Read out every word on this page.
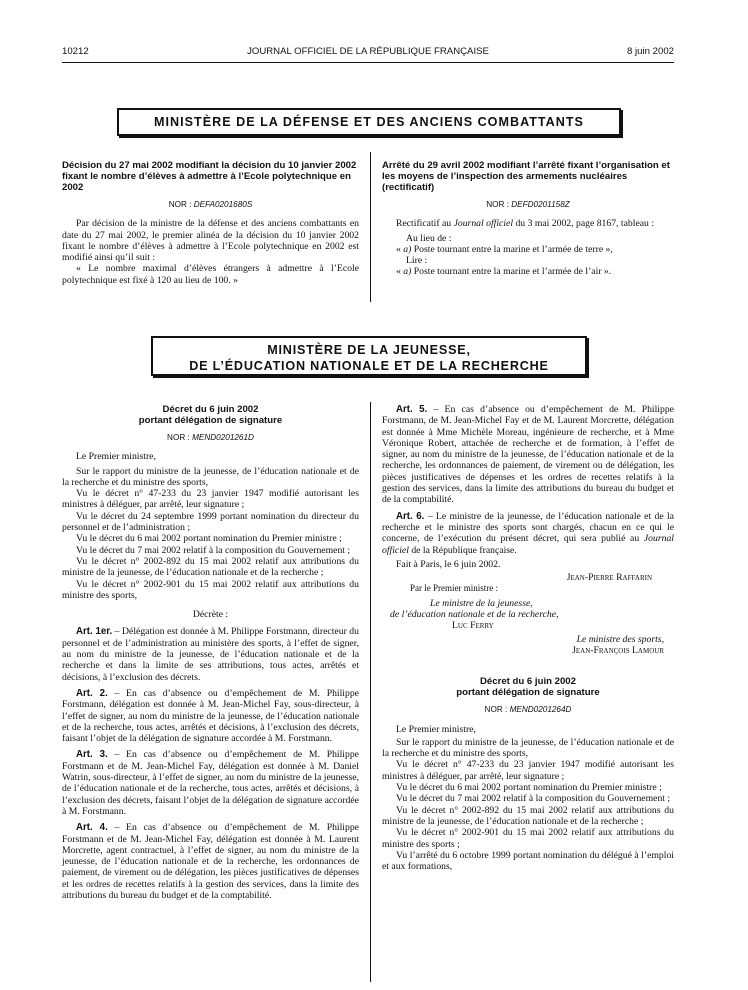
10212	JOURNAL OFFICIEL DE LA RÉPUBLIQUE FRANÇAISE	8 juin 2002
MINISTÈRE DE LA DÉFENSE ET DES ANCIENS COMBATTANTS
Décision du 27 mai 2002 modifiant la décision du 10 janvier 2002 fixant le nombre d’élèves à admettre à l’Ecole polytechnique en 2002
NOR : DEFA0201680S

Par décision de la ministre de la défense et des anciens combattants en date du 27 mai 2002, le premier alinéa de la décision du 10 janvier 2002 fixant le nombre d’élèves à admettre à l’Ecole polytechnique en 2002 est modifié ainsi qu’il suit :

« Le nombre maximal d’élèves étrangers à admettre à l’Ecole polytechnique est fixé à 120 au lieu de 100. »

Arrêté du 29 avril 2002 modifiant l’arrêté fixant l’organisation et les moyens de l’inspection des armements nucléaires (rectificatif)
NOR : DEFD0201158Z

Rectificatif au Journal officiel du 3 mai 2002, page 8167, tableau :

Au lieu de :

« a) Poste tournant entre la marine et l’armée de terre »,

Lire :

« a) Poste tournant entre la marine et l’armée de l’air ».

MINISTÈRE DE LA JEUNESSE,
DE L’ÉDUCATION NATIONALE ET DE LA RECHERCHE
Décret du 6 juin 2002
portant délégation de signature
NOR : MEND0201261D

Le Premier ministre,

Sur le rapport du ministre de la jeunesse, de l’éducation nationale et de la recherche et du ministre des sports,

Vu le décret n° 47-233 du 23 janvier 1947 modifié autorisant les ministres à déléguer, par arrêté, leur signature ;

Vu le décret du 24 septembre 1999 portant nomination du directeur du personnel et de l’administration ;

Vu le décret du 6 mai 2002 portant nomination du Premier ministre ;

Vu le décret du 7 mai 2002 relatif à la composition du Gouvernement ;

Vu le décret n° 2002-892 du 15 mai 2002 relatif aux attributions du ministre de la jeunesse, de l’éducation nationale et de la recherche ;

Vu le décret n° 2002-901 du 15 mai 2002 relatif aux attributions du ministre des sports,

Décrète :

Art. 1er. – Délégation est donnée à M. Philippe Forstmann, directeur du personnel et de l’administration au ministère des sports, à l’effet de signer, au nom du ministre de la jeunesse, de l’éducation nationale et de la recherche et dans la limite de ses attributions, tous actes, arrêtés et décisions, à l’exclusion des décrets.

Art. 2. – En cas d’absence ou d’empêchement de M. Philippe Forstmann, délégation est donnée à M. Jean-Michel Fay, sous-directeur, à l’effet de signer, au nom du ministre de la jeunesse, de l’éducation nationale et de la recherche, tous actes, arrêtés et décisions, à l’exclusion des décrets, faisant l’objet de la délégation de signature accordée à M. Forstmann.

Art. 3. – En cas d’absence ou d’empêchement de M. Philippe Forstmann et de M. Jean-Michel Fay, délégation est donnée à M. Daniel Watrin, sous-directeur, à l’effet de signer, au nom du ministre de la jeunesse, de l’éducation nationale et de la recherche, tous actes, arrêtés et décisions, à l’exclusion des décrets, faisant l’objet de la délégation de signature accordée à M. Forstmann.

Art. 4. – En cas d’absence ou d’empêchement de M. Philippe Forstmann et de M. Jean-Michel Fay, délégation est donnée à M. Laurent Morcrette, agent contractuel, à l’effet de signer, au nom du ministre de la jeunesse, de l’éducation nationale et de la recherche, les ordonnances de paiement, de virement ou de délégation, les pièces justificatives de dépenses et les ordres de recettes relatifs à la gestion des services, dans la limite des attributions du bureau du budget et de la comptabilité.

Art. 5. – En cas d’absence ou d’empêchement de M. Philippe Forstmann, de M. Jean-Michel Fay et de M. Laurent Morcrette, délégation est donnée à Mme Michèle Moreau, ingénieure de recherche, et à Mme Véronique Robert, attachée de recherche et de formation, à l’effet de signer, au nom du ministre de la jeunesse, de l’éducation nationale et de la recherche, les ordonnances de paiement, de virement ou de délégation, les pièces justificatives de dépenses et les ordres de recettes relatifs à la gestion des services, dans la limite des attributions du bureau du budget et de la comptabilité.

Art. 6. – Le ministre de la jeunesse, de l’éducation nationale et de la recherche et le ministre des sports sont chargés, chacun en ce qui le concerne, de l’exécution du présent décret, qui sera publié au Journal officiel de la République française.

Fait à Paris, le 6 juin 2002.

Jean-Pierre Raffarin

Par le Premier ministre :

Le ministre de la jeunesse,

de l’éducation nationale et de la recherche,

Luc Ferry

Le ministre des sports,

Jean-François Lamour

Décret du 6 juin 2002
portant délégation de signature
NOR : MEND0201264D

Le Premier ministre,

Sur le rapport du ministre de la jeunesse, de l’éducation nationale et de la recherche et du ministre des sports,

Vu le décret n° 47-233 du 23 janvier 1947 modifié autorisant les ministres à déléguer, par arrêté, leur signature ;

Vu le décret du 6 mai 2002 portant nomination du Premier ministre ;

Vu le décret du 7 mai 2002 relatif à la composition du Gouvernement ;

Vu le décret n° 2002-892 du 15 mai 2002 relatif aux attributions du ministre de la jeunesse, de l’éducation nationale et de la recherche ;

Vu le décret n° 2002-901 du 15 mai 2002 relatif aux attributions du ministre des sports ;

Vu l’arrêté du 6 octobre 1999 portant nomination du délégué à l’emploi et aux formations,
